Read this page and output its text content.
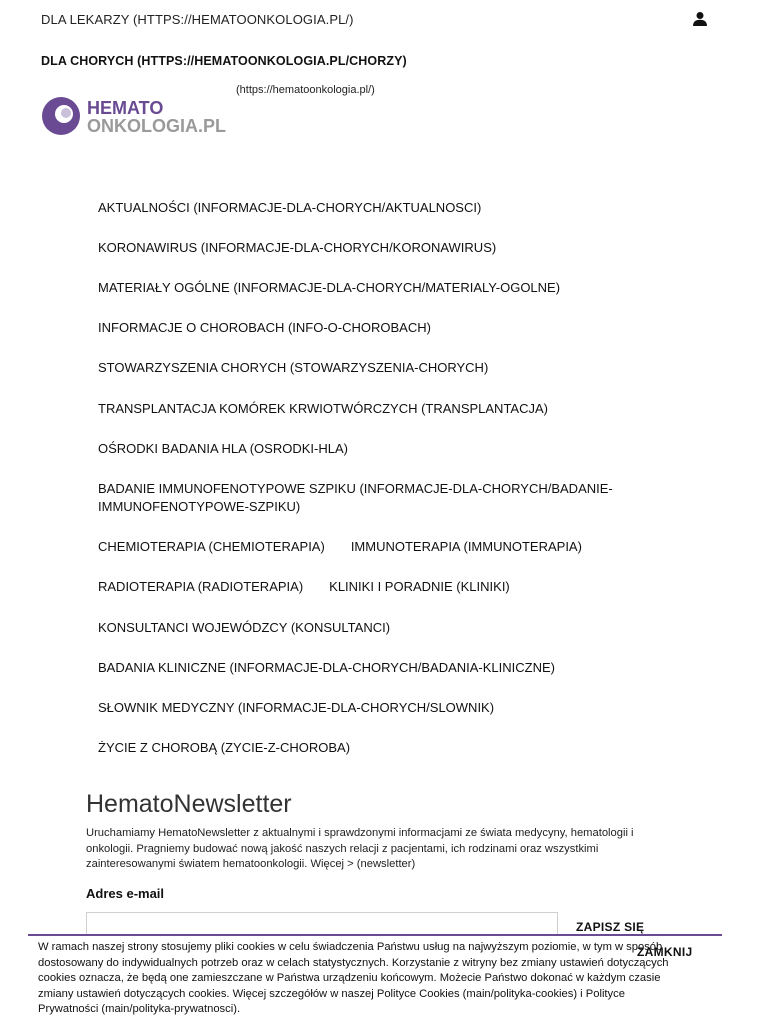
DLA LEKARZY (HTTPS://HEMATOONKOLOGIA.PL/)
DLA CHORYCH (HTTPS://HEMATOONKOLOGIA.PL/CHORZY)
HEMATO
ONKOLOGIA.PL
(https://hematoonkologia.pl/)
AKTUALNOŚCI (INFORMACJE-DLA-CHORYCH/AKTUALNOSCI)
KORONAWIRUS (INFORMACJE-DLA-CHORYCH/KORONAWIRUS)
MATERIAŁY OGÓLNE (INFORMACJE-DLA-CHORYCH/MATERIALY-OGOLNE)
INFORMACJE O CHOROBACH (INFO-O-CHOROBACH)
STOWARZYSZENIA CHORYCH (STOWARZYSZENIA-CHORYCH)
TRANSPLANTACJA KOMÓREK KRWIOTWÓRCZYCH (TRANSPLANTACJA)
OŚRODKI BADANIA HLA (OSRODKI-HLA)
BADANIE IMMUNOFENOTYPOWE SZPIKU (INFORMACJE-DLA-CHORYCH/BADANIE-IMMUNOFENOTYPOWE-SZPIKU)
CHEMIOTERAPIA (CHEMIOTERAPIA) IMMUNOTERAPIA (IMMUNOTERAPIA)
RADIOTERAPIA (RADIOTERAPIA) KLINIKI I PORADNIE (KLINIKI)
KONSULTANCI WOJEWÓDZCY (KONSULTANCI)
BADANIA KLINICZNE (INFORMACJE-DLA-CHORYCH/BADANIA-KLINICZNE)
SŁOWNIK MEDYCZNY (INFORMACJE-DLA-CHORYCH/SLOWNIK)
ŻYCIE Z CHOROBĄ (ZYCIE-Z-CHOROBA)
HematoNewsletter
Uruchamiamy HematoNewsletter z aktualnymi i sprawdzonymi informacjami ze świata medycyny, hematologii i onkologii. Pragniemy budować nową jakość naszych relacji z pacjentami, ich rodzinami oraz wszystkimi zainteresowanymi światem hematoonkologii. Więcej > (newsletter)
Adres e-mail
ZAPISZ SIĘ
W ramach naszej strony stosujemy pliki cookies w celu świadczenia Państwu usług na najwyższym poziomie, w tym w sposób dostosowany do indywidualnych potrzeb oraz w celach statystycznych. Korzystanie z witryny bez zmiany ustawień dotyczących cookies oznacza, że będą one zamieszczane w Państwa urządzeniu końcowym. Możecie Państwo dokonać w każdym czasie zmiany ustawień dotyczących cookies. Więcej szczegółów w naszej Polityce Cookies (main/polityka-cookies) i Polityce Prywatności (main/polityka-prywatnosci).
ZAMKNIJ
